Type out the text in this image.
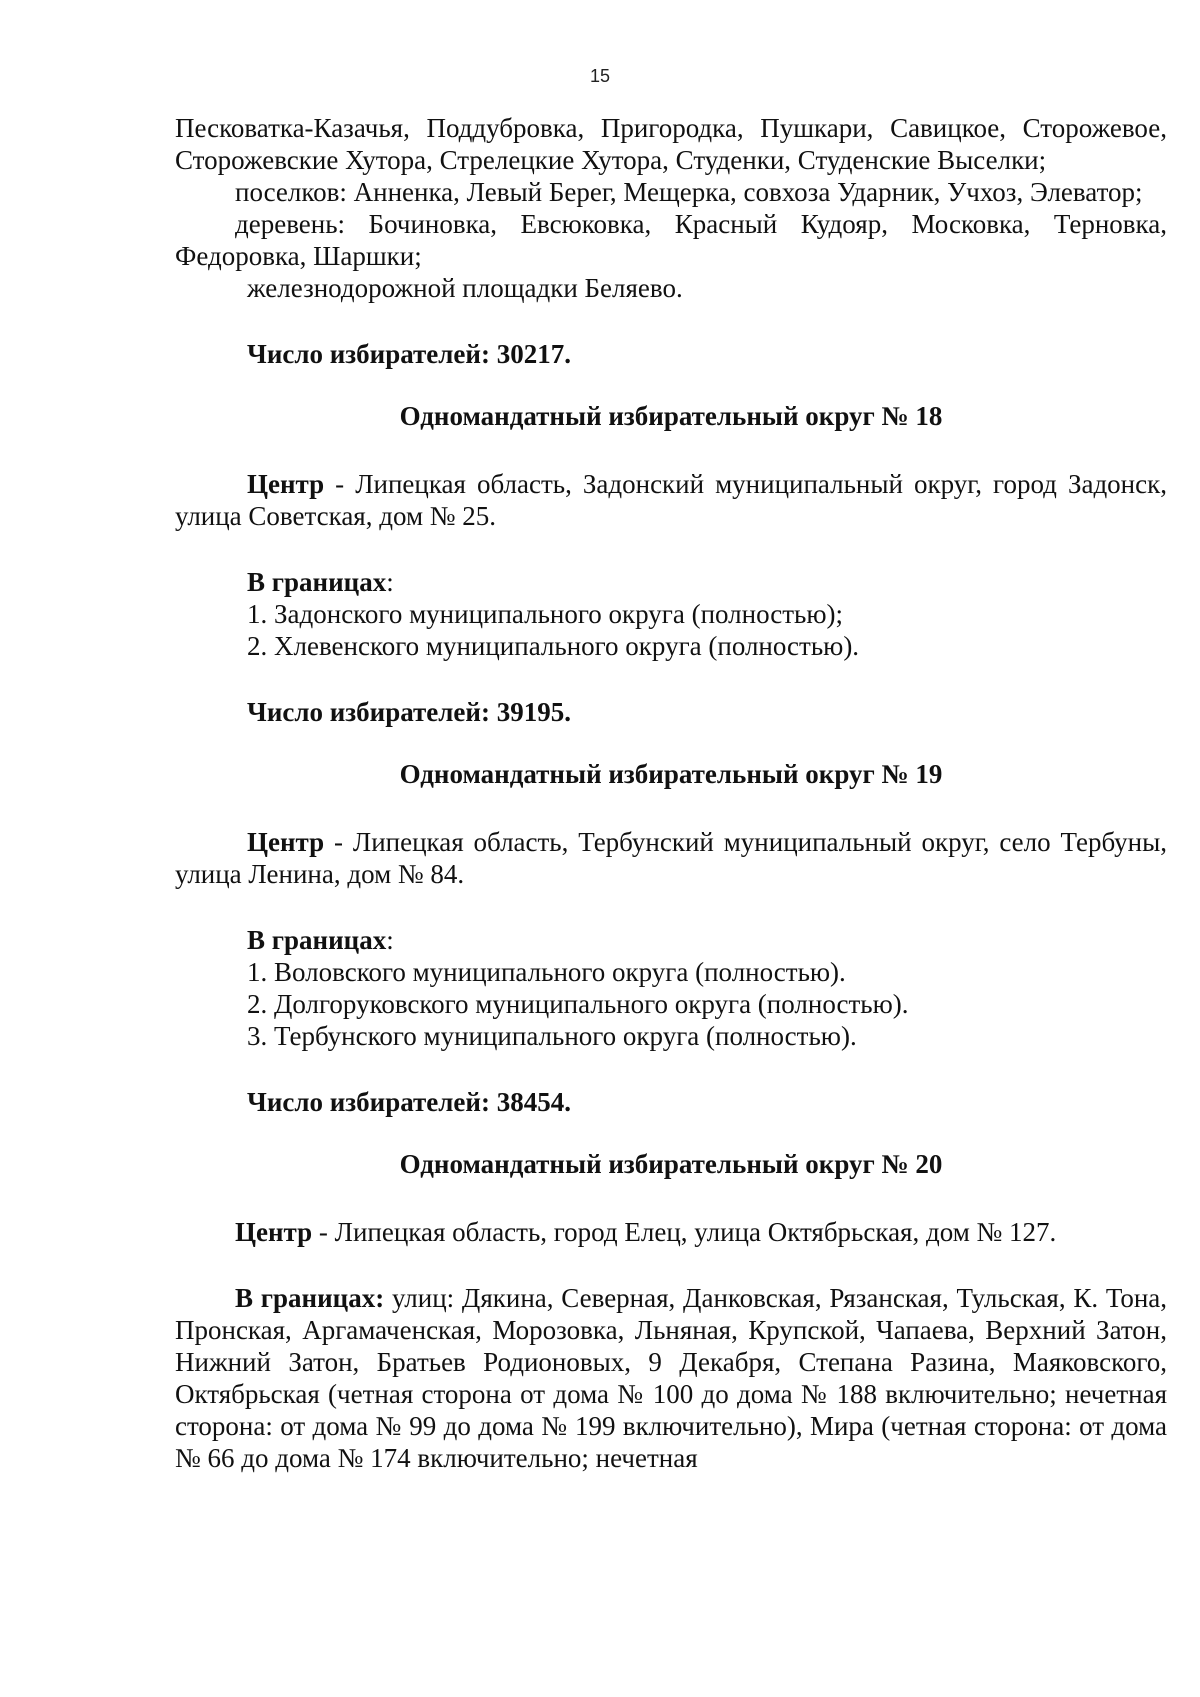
15

Песковатка-Казачья, Поддубровка, Пригородка, Пушкари, Савицкое, Сторожевое, Сторожевские Хутора, Стрелецкие Хутора, Студенки, Студенские Выселки;

поселков: Анненка, Левый Берег, Мещерка, совхоза Ударник, Учхоз, Элеватор;

деревень: Бочиновка, Евсюковка, Красный Кудояр, Московка, Терновка, Федоровка, Шаршки;

железнодорожной площадки Беляево.

Число избирателей: 30217.

Одномандатный избирательный округ № 18

Центр - Липецкая область, Задонский муниципальный округ, город Задонск, улица Советская, дом № 25.

В границах:

1. Задонского муниципального округа (полностью);

2. Хлевенского муниципального округа (полностью).

Число избирателей: 39195.

Одномандатный избирательный округ № 19

Центр - Липецкая область, Тербунский муниципальный округ, село Тербуны, улица Ленина, дом № 84.

В границах:

1. Воловского муниципального округа (полностью).

2. Долгоруковского муниципального округа (полностью).

3. Тербунского муниципального округа (полностью).

Число избирателей: 38454.

Одномандатный избирательный округ № 20

Центр - Липецкая область, город Елец, улица Октябрьская, дом № 127.

В границах: улиц: Дякина, Северная, Данковская, Рязанская, Тульская, К. Тона, Пронская, Аргамаченская, Морозовка, Льняная, Крупской, Чапаева, Верхний Затон, Нижний Затон, Братьев Родионовых, 9 Декабря, Степана Разина, Маяковского, Октябрьская (четная сторона от дома № 100 до дома № 188 включительно; нечетная сторона: от дома № 99 до дома № 199 включительно), Мира (четная сторона: от дома № 66 до дома № 174 включительно; нечетная
